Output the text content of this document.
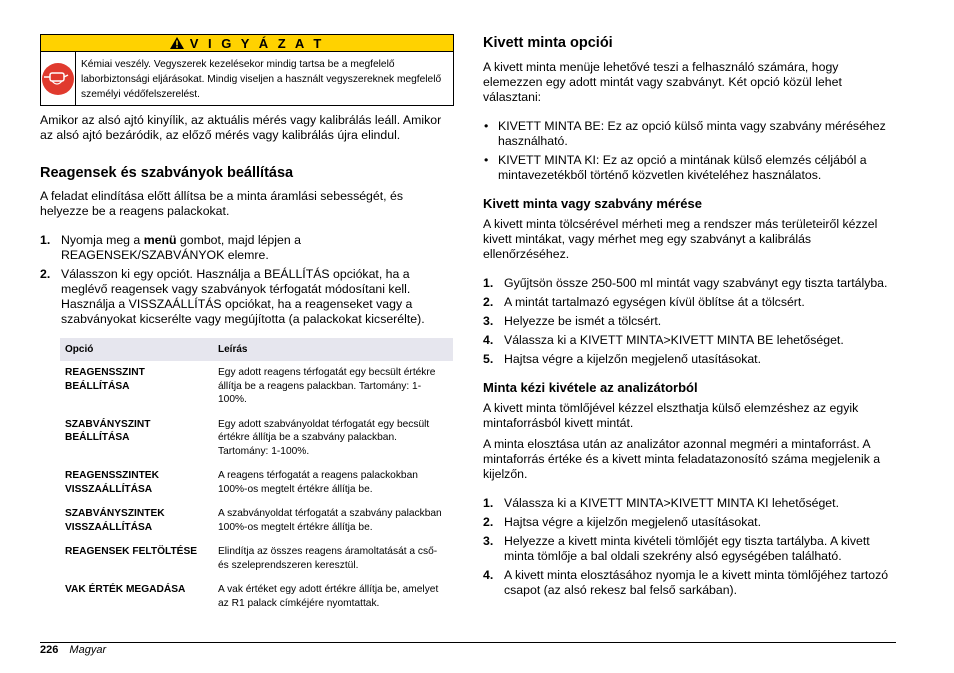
V I G Y Á Z A T
Kémiai veszély. Vegyszerek kezelésekor mindig tartsa be a megfelelő laborbiztonsági eljárásokat. Mindig viseljen a használt vegyszereknek megfelelő személyi védőfelszerelést.

Amikor az alsó ajtó kinyílik, az aktuális mérés vagy kalibrálás leáll. Amikor az alsó ajtó bezáródik, az előző mérés vagy kalibrálás újra elindul.

Reagensek és szabványok beállítása

A feladat elindítása előtt állítsa be a minta áramlási sebességét, és helyezze be a reagens palackokat.

1. Nyomja meg a menü gombot, majd lépjen a REAGENSEK/SZABVÁNYOK elemre.
2. Válasszon ki egy opciót. Használja a BEÁLLÍTÁS opciókat, ha a meglévő reagensek vagy szabványok térfogatát módosítani kell. Használja a VISSZAÁLLÍTÁS opciókat, ha a reagenseket vagy a szabványokat kicserélte vagy megújította (a palackokat kicserélte).
Opció	Leírás
REAGENSSZINT BEÁLLÍTÁSA	Egy adott reagens térfogatát egy becsült értékre állítja be a reagens palackban. Tartomány: 1-100%.
SZABVÁNYSZINT BEÁLLÍTÁSA	Egy adott szabványoldat térfogatát egy becsült értékre állítja be a szabvány palackban. Tartomány: 1-100%.
REAGENSSZINTEK VISSZAÁLLÍTÁSA	A reagens térfogatát a reagens palackokban 100%-os megtelt értékre állítja be.
SZABVÁNYSZINTEK VISSZAÁLLÍTÁSA	A szabványoldat térfogatát a szabvány palackban 100%-os megtelt értékre állítja be.
REAGENSEK FELTÖLTÉSE	Elindítja az összes reagens áramoltatását a cső- és szeleprendszeren keresztül.
VAK ÉRTÉK MEGADÁSA	A vak értéket egy adott értékre állítja be, amelyet az R1 palack címkéjére nyomtattak.
Kivett minta opciói

A kivett minta menüje lehetővé teszi a felhasználó számára, hogy elemezzen egy adott mintát vagy szabványt. Két opció közül lehet választani:

• KIVETT MINTA BE: Ez az opció külső minta vagy szabvány méréséhez használható.
• KIVETT MINTA KI: Ez az opció a mintának külső elemzés céljából a mintavezetékből történő közvetlen kivételéhez használatos.
Kivett minta vagy szabvány mérése

A kivett minta tölcsérével mérheti meg a rendszer más területeiről kézzel kivett mintákat, vagy mérhet meg egy szabványt a kalibrálás ellenőrzéséhez.

1. Gyűjtsön össze 250-500 ml mintát vagy szabványt egy tiszta tartályba.
2. A mintát tartalmazó egységen kívül öblítse át a tölcsért.
3. Helyezze be ismét a tölcsért.
4. Válassza ki a KIVETT MINTA>KIVETT MINTA BE lehetőséget.
5. Hajtsa végre a kijelzőn megjelenő utasításokat.
Minta kézi kivétele az analizátorból

A kivett minta tömlőjével kézzel elszthatja külső elemzéshez az egyik mintaforrásból kivett mintát.

A minta elosztása után az analizátor azonnal megméri a mintaforrást. A mintaforrás értéke és a kivett minta feladatazonosító száma megjelenik a kijelzőn.

1. Válassza ki a KIVETT MINTA>KIVETT MINTA KI lehetőséget.
2. Hajtsa végre a kijelzőn megjelenő utasításokat.
3. Helyezze a kivett minta kivételi tömlőjét egy tiszta tartályba. A kivett minta tömlője a bal oldali szekrény alsó egységében található.
4. A kivett minta elosztásához nyomja le a kivett minta tömlőjéhez tartozó csapot (az alsó rekesz bal felső sarkában).
226 Magyar
